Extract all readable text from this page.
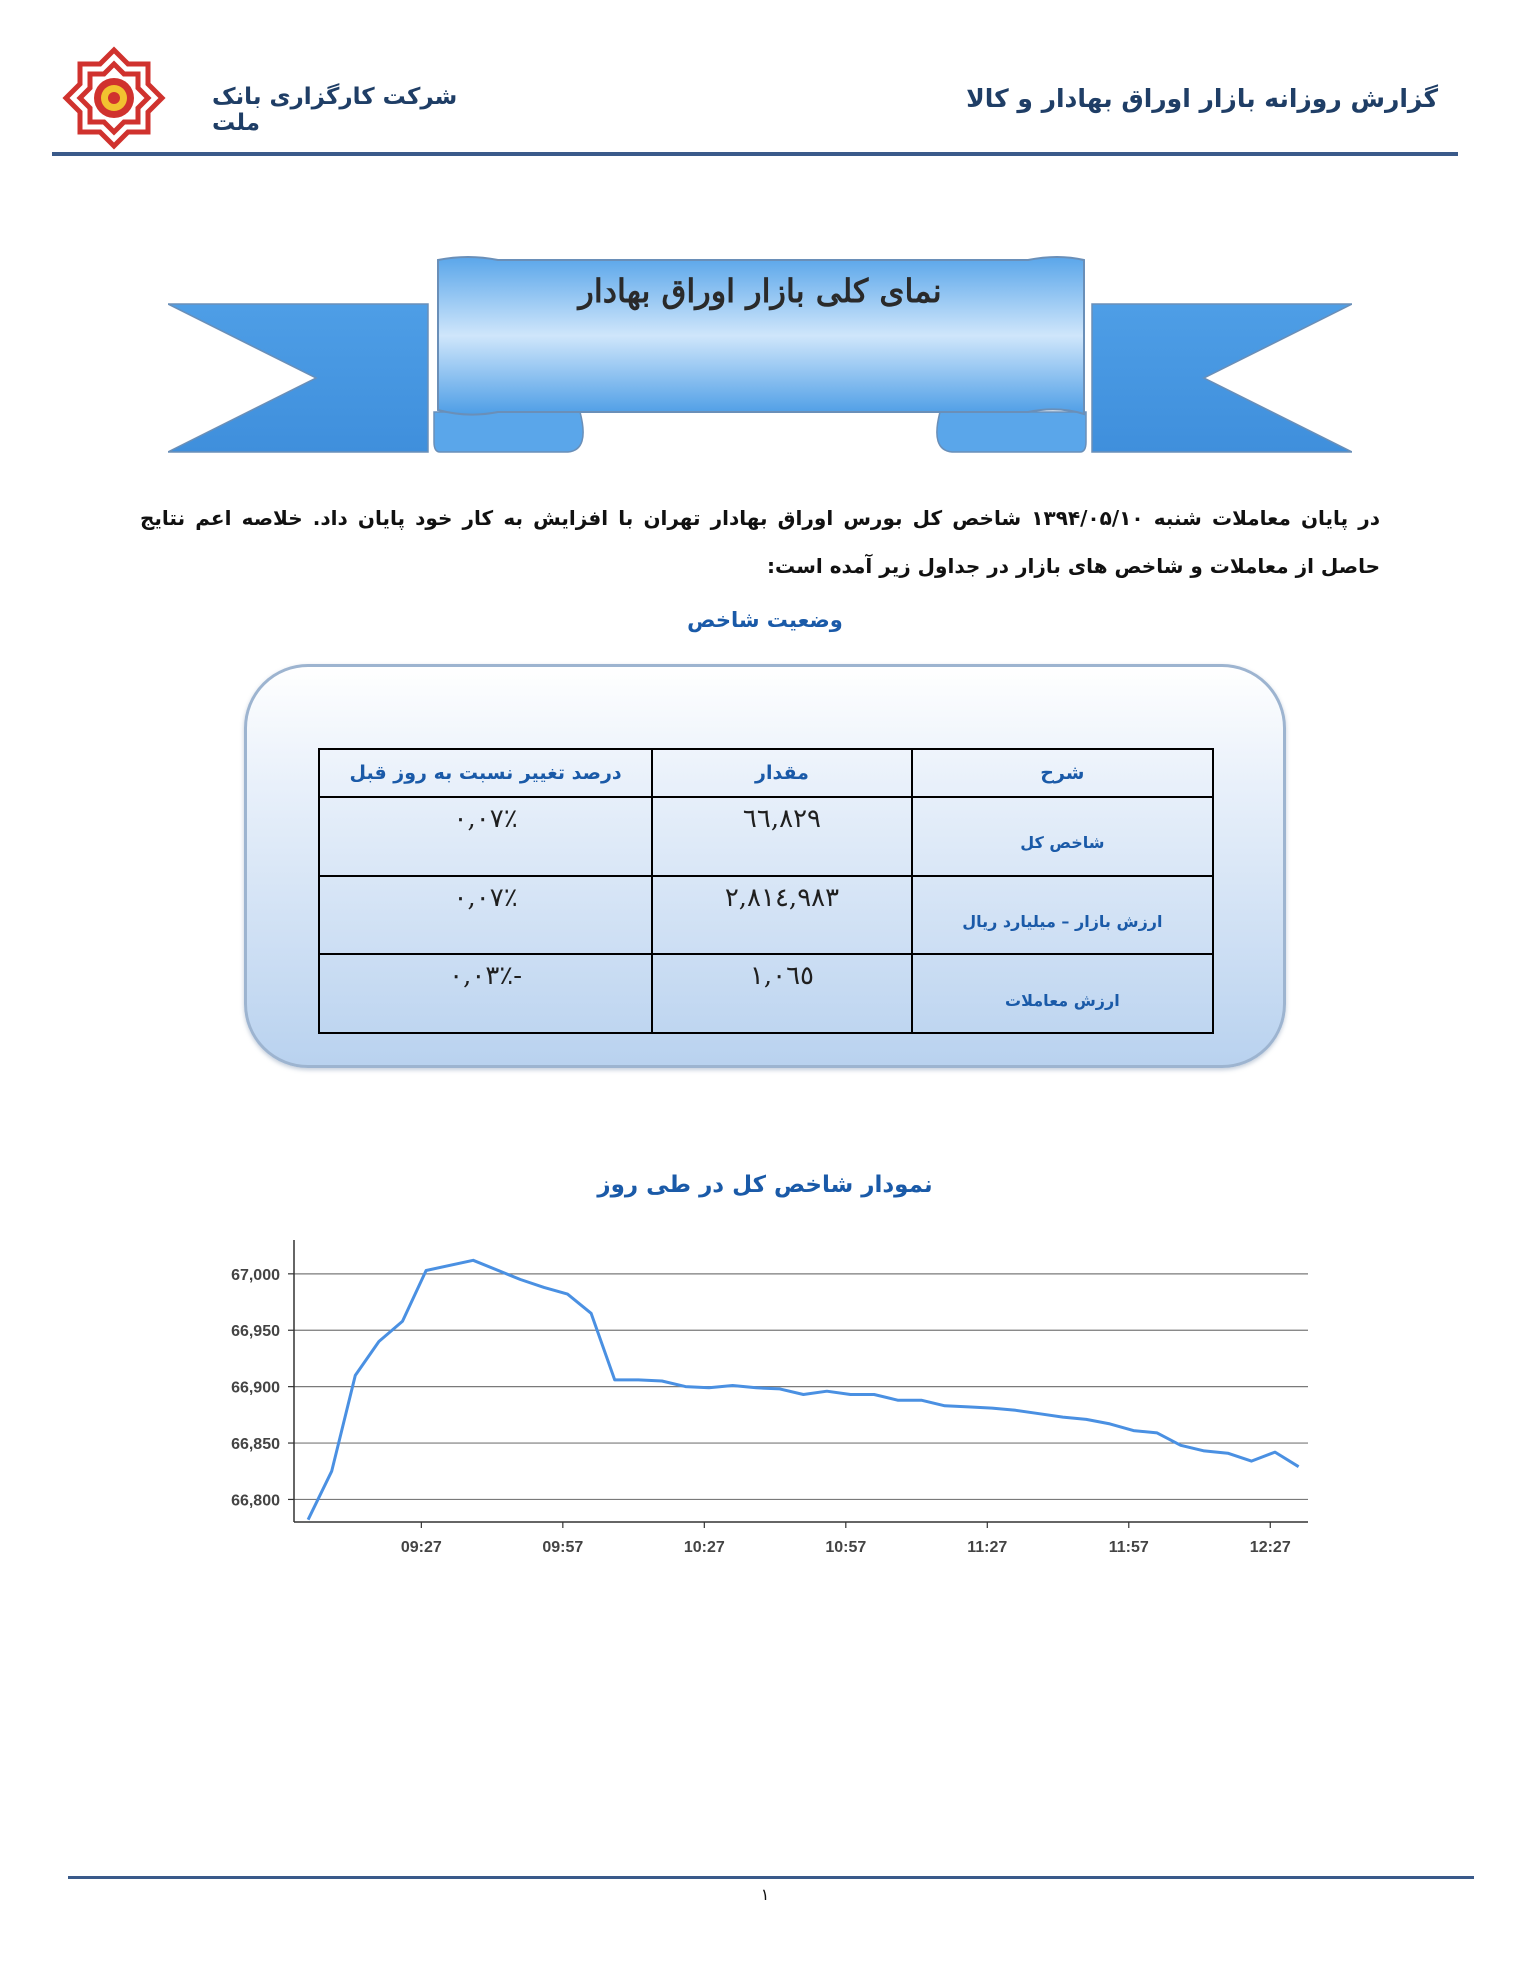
شرکت کارگزاری بانک ملت
گزارش روزانه بازار اوراق بهادار و کالا
نمای کلی بازار اوراق بهادار
در پایان معاملات شنبه ۱۳۹۴/۰۵/۱۰ شاخص کل بورس اوراق بهادار تهران با افزایش به کار خود پایان داد. خلاصه اعم نتایج حاصل از معاملات و شاخص های بازار در جداول زیر آمده است:
وضعیت شاخص
شرح	مقدار	درصد تغییر نسبت به روز قبل
شاخص کل	٦٦,٨٢٩	٪٠,٠٧
ارزش بازار – میلیارد ریال	٢,٨١٤,٩٨٣	٪٠,٠٧
ارزش معاملات	١,٠٦٥	-٪٠,٠٣
نمودار شاخص کل در طی روز
66,800
66,850
66,900
66,950
67,000
09:27	09:57	10:27	10:57	11:27	11:57	12:27
١
